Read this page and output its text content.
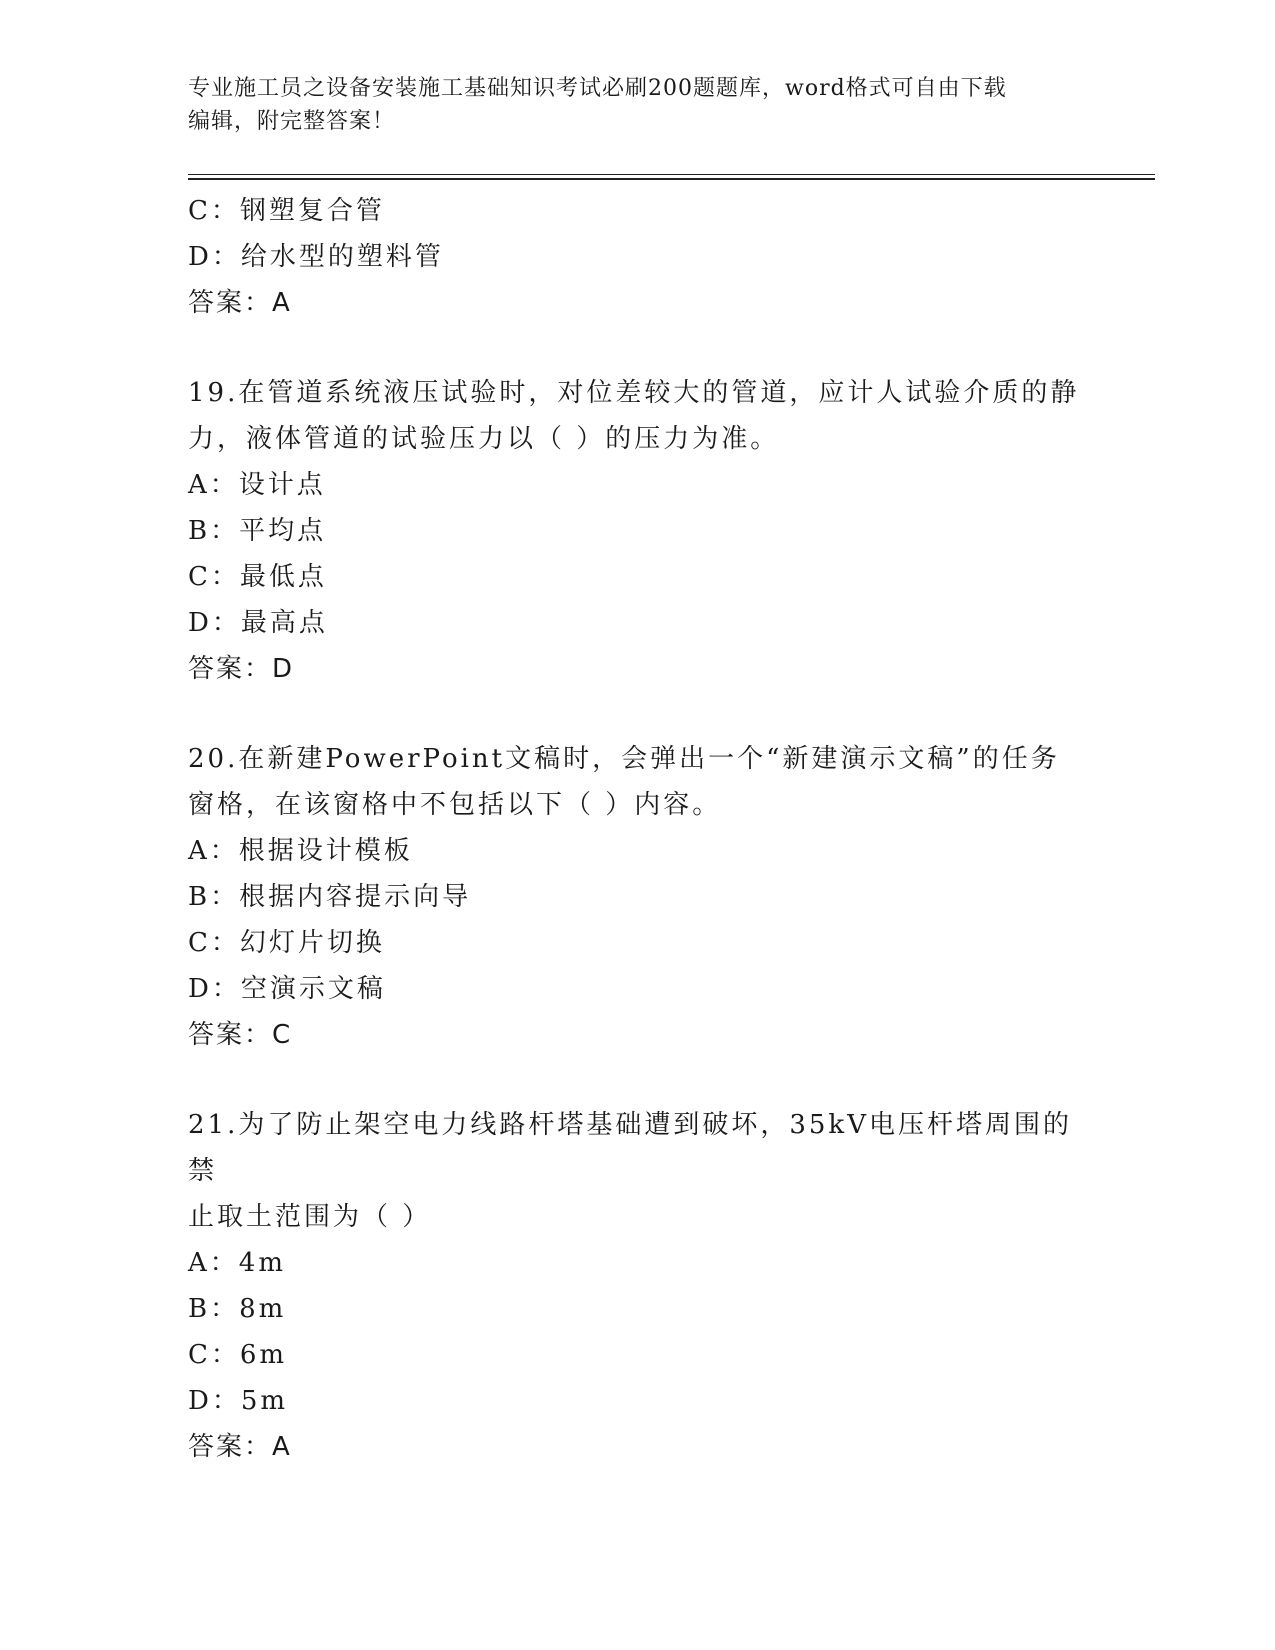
专业施工员之设备安装施工基础知识考试必刷200题题库，word格式可自由下载
编辑，附完整答案！
C：钢塑复合管
D：给水型的塑料管
答案：A
19.在管道系统液压试验时，对位差较大的管道，应计人试验介质的静
力，液体管道的试验压力以（ ）的压力为准。
A：设计点
B：平均点
C：最低点
D：最高点
答案：D
20.在新建PowerPoint文稿时，会弹出一个“新建演示文稿”的任务
窗格，在该窗格中不包括以下（ ）内容。
A：根据设计模板
B：根据内容提示向导
C：幻灯片切换
D：空演示文稿
答案：C
21.为了防止架空电力线路杆塔基础遭到破坏，35kV电压杆塔周围的禁
止取土范围为（ ）
A：4m
B：8m
C：6m
D：5m
答案：A
